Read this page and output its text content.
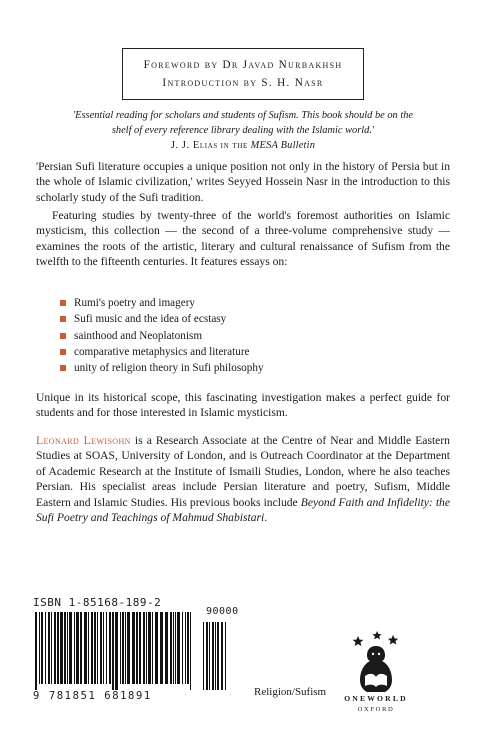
Foreword by Dr Javad Nurbakhsh
Introduction by S. H. Nasr
'Essential reading for scholars and students of Sufism. This book should be on the shelf of every reference library dealing with the Islamic world.'
J. J. Elias in the MESA Bulletin
'Persian Sufi literature occupies a unique position not only in the history of Persia but in the whole of Islamic civilization,' writes Seyyed Hossein Nasr in the introduction to this scholarly study of the Sufi tradition.
Featuring studies by twenty-three of the world's foremost authorities on Islamic mysticism, this collection — the second of a three-volume comprehensive study — examines the roots of the artistic, literary and cultural renaissance of Sufism from the twelfth to the fifteenth centuries. It features essays on:
Rumi's poetry and imagery
Sufi music and the idea of ecstasy
sainthood and Neoplatonism
comparative metaphysics and literature
unity of religion theory in Sufi philosophy
Unique in its historical scope, this fascinating investigation makes a perfect guide for students and for those interested in Islamic mysticism.
Leonard Lewisohn is a Research Associate at the Centre of Near and Middle Eastern Studies at SOAS, University of London, and is Outreach Coordinator at the Department of Academic Research at the Institute of Ismaili Studies, London, where he also teaches Persian. His specialist areas include Persian literature and poetry, Sufism, Middle Eastern and Islamic Studies. His previous books include Beyond Faith and Infidelity: the Sufi Poetry and Teachings of Mahmud Shabistari.
ISBN 1-85168-189-2
90000
9 781851 681891	Religion/Sufism
ONEWORLD
OXFORD
